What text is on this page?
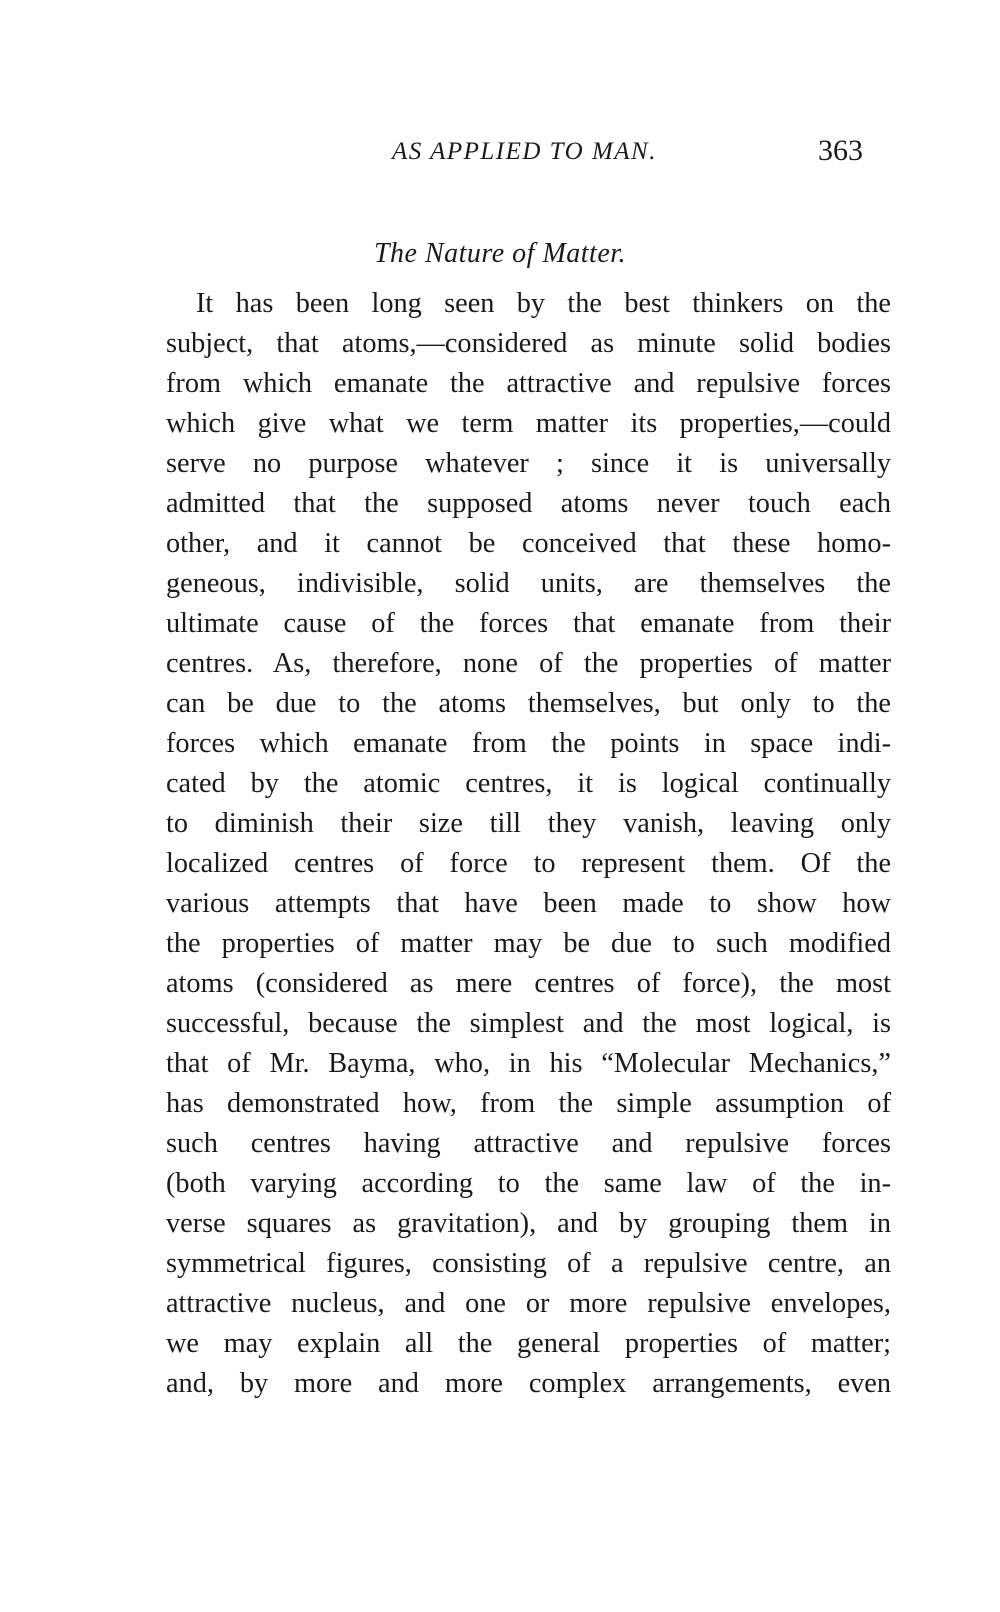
AS APPLIED TO MAN.	363
The Nature of Matter.
It has been long seen by the best thinkers on the
subject, that atoms,—considered as minute solid bodies
from which emanate the attractive and repulsive forces
which give what we term matter its properties,—could
serve no purpose whatever ; since it is universally
admitted that the supposed atoms never touch each
other, and it cannot be conceived that these homo-
geneous, indivisible, solid units, are themselves the
ultimate cause of the forces that emanate from their
centres. As, therefore, none of the properties of matter
can be due to the atoms themselves, but only to the
forces which emanate from the points in space indi-
cated by the atomic centres, it is logical continually
to diminish their size till they vanish, leaving only
localized centres of force to represent them. Of the
various attempts that have been made to show how
the properties of matter may be due to such modified
atoms (considered as mere centres of force), the most
successful, because the simplest and the most logical, is
that of Mr. Bayma, who, in his “Molecular Mechanics,”
has demonstrated how, from the simple assumption of
such centres having attractive and repulsive forces
(both varying according to the same law of the in-
verse squares as gravitation), and by grouping them in
symmetrical figures, consisting of a repulsive centre, an
attractive nucleus, and one or more repulsive envelopes,
we may explain all the general properties of matter;
and, by more and more complex arrangements, even
